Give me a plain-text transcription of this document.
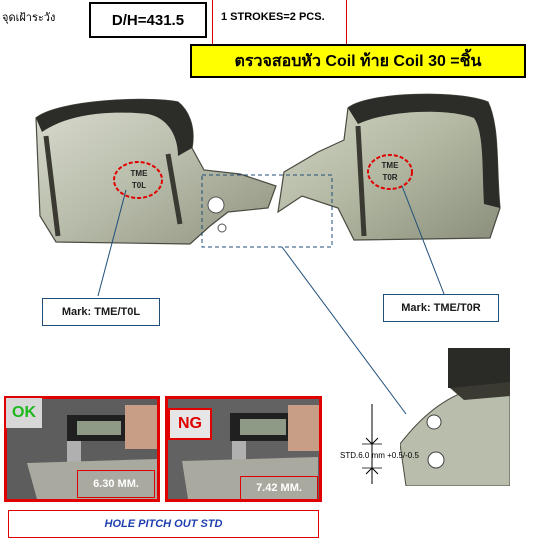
จุดเฝ้าระวัง	D/H=431.5	1 STROKES=2 PCS.
ตรวจสอบหัว Coil ท้าย Coil 30 =ชิ้น
TME
T0L
TME
T0R
Mark: TME/T0L	Mark: TME/T0R
STD.6.0 mm +0.5/-0.5
OK
6.30 MM.
NG
7.42 MM.
HOLE PITCH OUT STD
